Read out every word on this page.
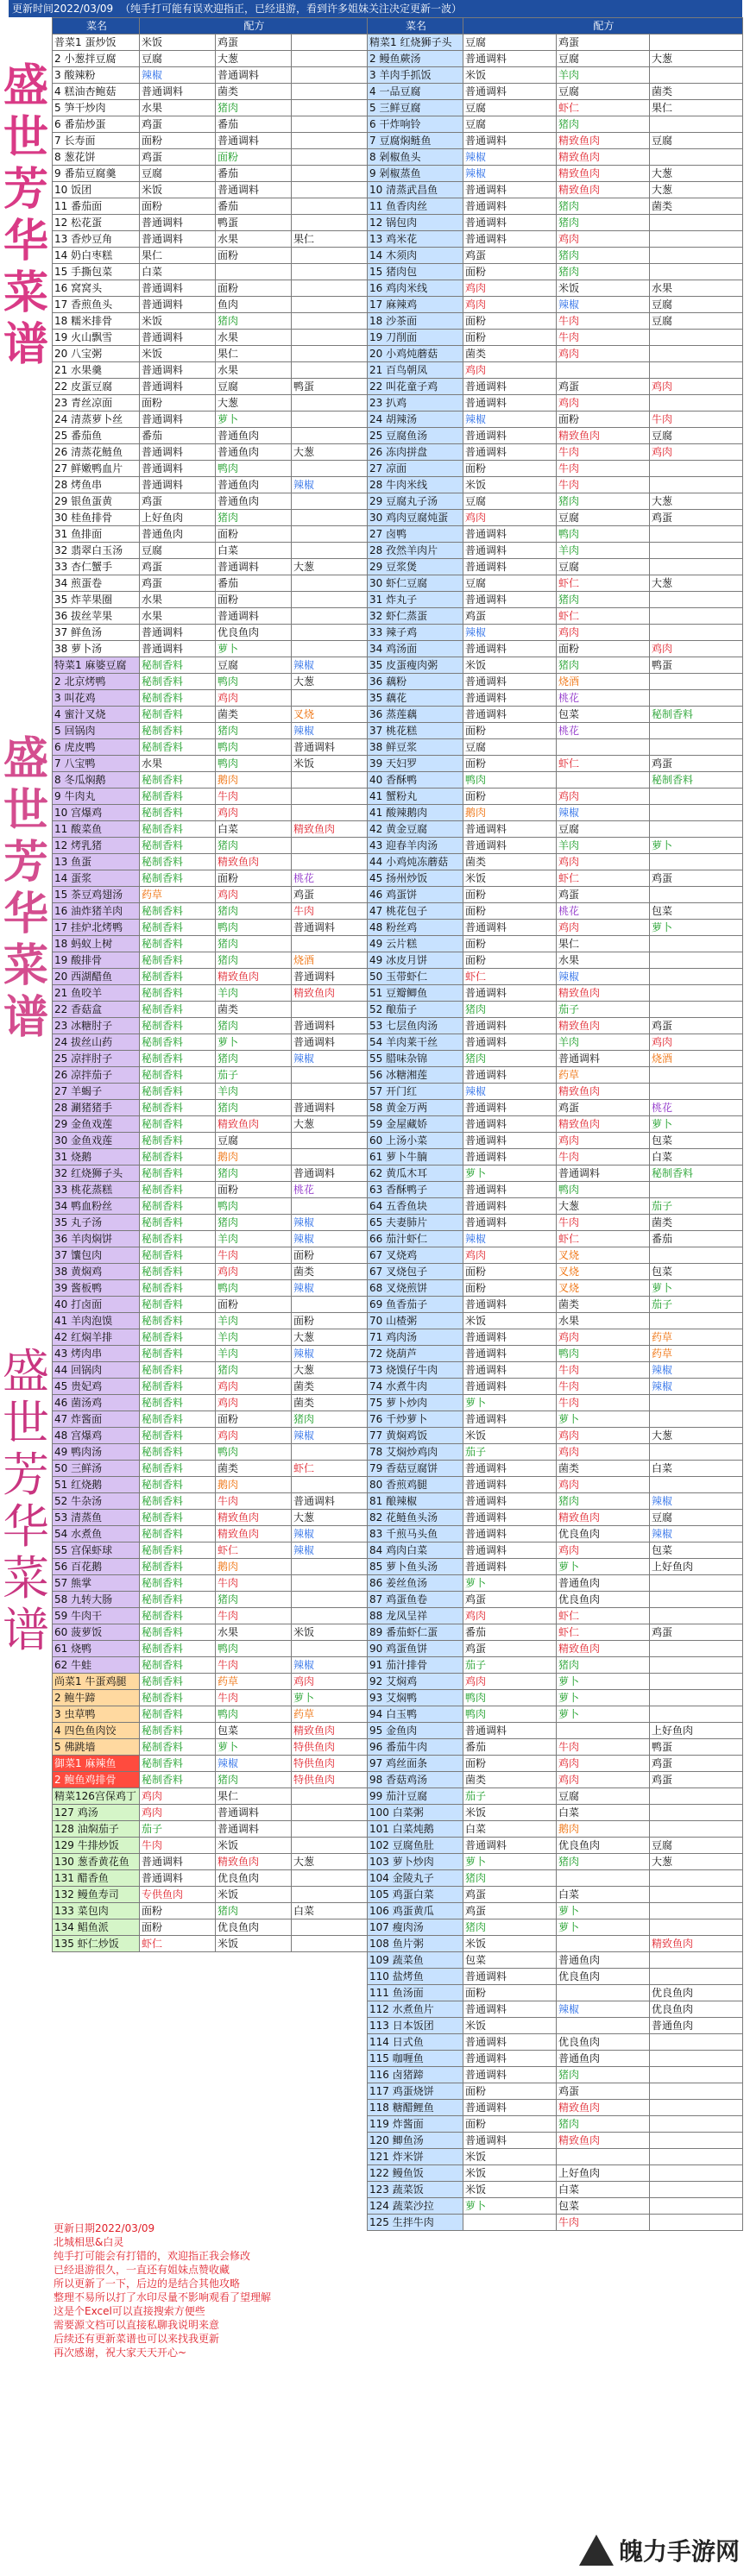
更新时间2022/03/09 （纯手打可能有误欢迎指正，已经退游，看到许多姐妹关注决定更新一波）
盛世芳华菜谱
盛世芳华菜谱
盛世芳华菜谱
菜名	配方		
普菜1 蛋炒饭	米饭	鸡蛋	
2 小葱拌豆腐	豆腐	大葱	
3 酸辣粉	辣椒	普通调料	
4 糕油杏鲍菇	普通调料	菌类	
5 笋干炒肉	水果	猪肉	
6 番茄炒蛋	鸡蛋	番茄	
7 长寿面	面粉	普通调料	
8 葱花饼	鸡蛋	面粉	
9 番茄豆腐羹	豆腐	番茄	
10 饭团	米饭	普通调料	
11 番茄面	面粉	番茄	
12 松花蛋	普通调料	鸭蛋	
13 香炒豆角	普通调料	水果	果仁
14 奶白枣糕	果仁	面粉	
15 手撕包菜	白菜		
16 窝窝头	普通调料	面粉	
17 香煎鱼头	普通调料	鱼肉	
18 糯米排骨	米饭	猪肉	
19 火山飘雪	普通调料	水果	
20 八宝粥	米饭	果仁	
21 水果羹	普通调料	水果	
22 皮蛋豆腐	普通调料	豆腐	鸭蛋
23 青丝凉面	面粉	大葱	
24 清蒸萝卜丝	普通调料	萝卜	
25 番茄鱼	番茄	普通鱼肉	
26 清蒸花鲢鱼	普通调料	普通鱼肉	大葱
27 鲜嫩鸭血片	普通调料	鸭肉	
28 烤鱼串	普通调料	普通鱼肉	辣椒
29 银鱼蛋黄	鸡蛋	普通鱼肉	
30 桂鱼排骨	上好鱼肉	猪肉	
31 鱼排面	普通鱼肉	面粉	
32 翡翠白玉汤	豆腐	白菜	
33 杏仁蟹手	鸡蛋	普通调料	大葱
34 煎蛋卷	鸡蛋	番茄	
35 炸苹果圈	水果	面粉	
36 拔丝苹果	水果	普通调料	
37 鲜鱼汤	普通调料	优良鱼肉	
38 萝卜汤	普通调料	萝卜	
特菜1 麻婆豆腐	秘制香料	豆腐	辣椒
2 北京烤鸭	秘制香料	鸭肉	大葱
3 叫花鸡	秘制香料	鸡肉	
4 蜜汁叉烧	秘制香料	菌类	叉烧
5 回锅肉	秘制香料	猪肉	辣椒
6 虎皮鸭	秘制香料	鸭肉	普通调料
7 八宝鸭	水果	鸭肉	米饭
8 冬瓜焖鹅	秘制香料	鹅肉	
9 牛肉丸	秘制香料	牛肉	
10 宫爆鸡	秘制香料	鸡肉	
11 酸菜鱼	秘制香料	白菜	精致鱼肉
12 烤乳猪	秘制香料	猪肉	
13 鱼蛋	秘制香料	精致鱼肉	
14 蛋浆	秘制香料	面粉	桃花
15 茶豆鸡翅汤	药草	鸡肉	鸡蛋
16 油炸猪羊肉	秘制香料	猪肉	牛肉
17 挂炉北烤鸭	秘制香料	鸭肉	普通调料
18 蚂蚁上树	秘制香料	猪肉	
19 酸排骨	秘制香料	猪肉	烧酒
20 西湖醋鱼	秘制香料	精致鱼肉	普通调料
21 鱼咬羊	秘制香料	羊肉	精致鱼肉
22 香菇盒	秘制香料	菌类	
23 冰糖肘子	秘制香料	猪肉	普通调料
24 拔丝山药	秘制香料	萝卜	普通调料
25 凉拌肘子	秘制香料	猪肉	辣椒
26 凉拌茄子	秘制香料	茄子	
27 羊蝎子	秘制香料	羊肉	
28 涮猪猪手	秘制香料	猪肉	普通调料
29 金鱼戏莲	秘制香料	精致鱼肉	大葱
30 金鱼戏莲	秘制香料	豆腐	
31 烧鹅	秘制香料	鹅肉	
32 红烧狮子头	秘制香料	猪肉	普通调料
33 桃花蒸糕	秘制香料	面粉	桃花
34 鸭血粉丝	秘制香料	鸭肉	
35 丸子汤	秘制香料	猪肉	辣椒
36 羊肉焖饼	秘制香料	羊肉	辣椒
37 馕包肉	秘制香料	牛肉	面粉
38 黄焖鸡	秘制香料	鸡肉	菌类
39 酱板鸭	秘制香料	鸭肉	辣椒
40 打卤面	秘制香料	面粉	
41 羊肉泡馍	秘制香料	羊肉	面粉
42 红焖羊排	秘制香料	羊肉	大葱
43 烤肉串	秘制香料	羊肉	辣椒
44 回锅肉	秘制香料	猪肉	大葱
45 贵妃鸡	秘制香料	鸡肉	菌类
46 菌汤鸡	秘制香料	鸡肉	菌类
47 炸酱面	秘制香料	面粉	猪肉
48 宫爆鸡	秘制香料	鸡肉	辣椒
49 鸭肉汤	秘制香料	鸭肉	
50 三鲜汤	秘制香料	菌类	虾仁
51 红烧鹅	秘制香料	鹅肉	
52 牛杂汤	秘制香料	牛肉	普通调料
53 清蒸鱼	秘制香料	精致鱼肉	大葱
54 水煮鱼	秘制香料	精致鱼肉	辣椒
55 宫保虾球	秘制香料	虾仁	辣椒
56 百花鹅	秘制香料	鹅肉	
57 熊掌	秘制香料	牛肉	
58 九转大肠	秘制香料	猪肉	
59 牛肉干	秘制香料	牛肉	
60 菠萝饭	秘制香料	水果	米饭
61 烧鸭	秘制香料	鸭肉	
62 牛蛙	秘制香料	牛肉	辣椒
尚菜1 牛蛋鸡腿	秘制香料	药草	鸡肉
2 鲍牛蹄	秘制香料	牛肉	萝卜
3 虫草鸭	秘制香料	鸭肉	药草
4 四色鱼肉饺	秘制香料	包菜	精致鱼肉
5 佛跳墙	秘制香料	萝卜	特供鱼肉
御菜1 麻辣鱼	秘制香料	辣椒	特供鱼肉
2 鲍鱼鸡排骨	秘制香料	猪肉	特供鱼肉
精菜126宫保鸡丁	鸡肉	果仁	
127 鸡汤	鸡肉	普通调料	
128 油焖茄子	茄子	普通调料	
129 牛排炒饭	牛肉	米饭	
130 葱香黄花鱼	普通调料	精致鱼肉	大葱
131 醋香鱼	普通调料	优良鱼肉	
132 鳗鱼寿司	专供鱼肉	米饭	
133 菜包肉	面粉	猪肉	白菜
134 鲳鱼派	面粉	优良鱼肉	
135 虾仁炒饭	虾仁	米饭	
菜名	配方		
精菜1 红烧狮子头	豆腐	鸡蛋	
2 鳗鱼蕨汤	普通调料	豆腐	大葱
3 羊肉手抓饭	米饭	羊肉	
4 一品豆腐	普通调料	豆腐	菌类
5 三鲜豆腐	豆腐	虾仁	果仁
6 干炸响铃	豆腐	猪肉	
7 豆腐焖鲢鱼	普通调料	精致鱼肉	豆腐
8 剁椒鱼头	辣椒	精致鱼肉	
9 剁椒蒸鱼	辣椒	精致鱼肉	大葱
10 清蒸武昌鱼	普通调料	精致鱼肉	大葱
11 鱼香肉丝	普通调料	猪肉	菌类
12 锅包肉	普通调料	猪肉	
13 鸡米花	普通调料	鸡肉	
14 木须肉	鸡蛋	猪肉	
15 猪肉包	面粉	猪肉	
16 鸡肉米线	鸡肉	米饭	水果
17 麻辣鸡	鸡肉	辣椒	豆腐
18 沙茶面	面粉	牛肉	豆腐
19 刀削面	面粉	牛肉	
20 小鸡炖蘑菇	菌类	鸡肉	
21 百鸟朝凤	鸡肉		
22 叫花童子鸡	普通调料	鸡蛋	鸡肉
23 扒鸡	普通调料	鸡肉	
24 胡辣汤	辣椒	面粉	牛肉
25 豆腐鱼汤	普通调料	精致鱼肉	豆腐
26 冻肉拼盘	普通调料	牛肉	鸡肉
27 凉面	面粉	牛肉	
28 牛肉米线	米饭	牛肉	
29 豆腐丸子汤	豆腐	猪肉	大葱
30 鸡肉豆腐炖蛋	鸡肉	豆腐	鸡蛋
27 卤鸭	普通调料	鸭肉	
28 孜然羊肉片	普通调料	羊肉	
29 豆浆煲	普通调料	豆腐	
30 虾仁豆腐	豆腐	虾仁	大葱
31 炸丸子	普通调料	猪肉	
32 虾仁蒸蛋	鸡蛋	虾仁	
33 辣子鸡	辣椒	鸡肉	
34 鸡汤面	普通调料	面粉	鸡肉
35 皮蛋瘦肉粥	米饭	猪肉	鸭蛋
36 藕粉	普通调料	烧酒	
35 藕花	普通调料	桃花	
36 蒸莲藕	普通调料	包菜	秘制香料
37 桃花糕	面粉	桃花	
38 鲜豆浆	豆腐		
39 天妇罗	面粉	虾仁	鸡蛋
40 香酥鸭	鸭肉		秘制香料
41 蟹粉丸	面粉	鸡肉	
41 酸辣鹅肉	鹅肉	辣椒	
42 黄金豆腐	普通调料	豆腐	
43 迎春羊肉汤	普通调料	羊肉	萝卜
44 小鸡炖冻蘑菇	菌类	鸡肉	
45 扬州炒饭	米饭	虾仁	鸡蛋
46 鸡蛋饼	面粉	鸡蛋	
47 桃花包子	面粉	桃花	包菜
48 粉丝鸡	普通调料	鸡肉	萝卜
49 云片糕	面粉	果仁	
49 冰皮月饼	面粉	水果	
50 玉带虾仁	虾仁	辣椒	
51 豆瓣鲫鱼	普通调料	精致鱼肉	
52 酿茄子	猪肉	茄子	
53 七层鱼肉汤	普通调料	精致鱼肉	鸡蛋
54 羊肉莱干丝	普通调料	羊肉	鸡肉
55 腊味杂锦	猪肉	普通调料	烧酒
56 冰糖湘莲	普通调料	药草	
57 开门红	辣椒	精致鱼肉	
58 黄金万两	普通调料	鸡蛋	桃花
59 金屋藏娇	普通调料	精致鱼肉	萝卜
60 上汤小菜	普通调料	鸡肉	包菜
61 萝卜牛腩	普通调料	牛肉	白菜
62 黄瓜木耳	萝卜	普通调料	秘制香料
63 香酥鸭子	普通调料	鸭肉	
64 五香鱼块	普通调料	大葱	茄子
65 夫妻肺片	普通调料	牛肉	菌类
66 茄汁虾仁	辣椒	虾仁	番茄
67 叉烧鸡	鸡肉	叉烧	
67 叉烧包子	面粉	叉烧	包菜
68 叉烧煎饼	面粉	叉烧	萝卜
69 鱼香茄子	普通调料	菌类	茄子
70 山楂粥	米饭	水果	
71 鸡肉汤	普通调料	鸡肉	药草
72 烧葫芦	普通调料	鸭肉	药草
73 烧馍仔牛肉	普通调料	牛肉	辣椒
74 水煮牛肉	普通调料	牛肉	辣椒
75 萝卜炒肉	萝卜	牛肉	
76 千炒萝卜	普通调料	萝卜	
77 黄焖鸡饭	米饭	鸡肉	大葱
78 艾焖炒鸡肉	茄子	鸡肉	
79 香菇豆腐饼	普通调料	菌类	白菜
80 香煎鸡腿	普通调料	鸡肉	
81 酿辣椒	普通调料	猪肉	辣椒
82 花鲢鱼头汤	普通调料	精致鱼肉	豆腐
83 千煎马头鱼	普通调料	优良鱼肉	辣椒
84 鸡肉白菜	普通调料	鸡肉	包菜
85 萝卜鱼头汤	普通调料	萝卜	上好鱼肉
86 姜丝鱼汤	萝卜	普通鱼肉	
87 鸡蛋鱼卷	鸡蛋	优良鱼肉	
88 龙凤呈祥	鸡肉	虾仁	
89 番茄虾仁蛋	番茄	虾仁	鸡蛋
90 鸡蛋鱼饼	鸡蛋	精致鱼肉	
91 茄汁排骨	茄子	猪肉	
92 艾焖鸡	鸡肉	萝卜	
93 艾焖鸭	鸭肉	萝卜	
94 白玉鸭	鸭肉	萝卜	
95 金鱼肉	普通调料		上好鱼肉
96 番茄牛肉	番茄	牛肉	鸭蛋
97 鸡丝面条	面粉	鸡肉	鸡蛋
98 香菇鸡汤	菌类	鸡肉	鸡蛋
99 茄汁豆腐	茄子	豆腐	
100 白菜粥	米饭	白菜	
101 白菜炖鹅	白菜	鹅肉	
102 豆腐鱼肚	普通调料	优良鱼肉	豆腐
103 萝卜炒肉	萝卜	猪肉	大葱
104 金陵丸子	猪肉		
105 鸡蛋白菜	鸡蛋	白菜	
106 鸡蛋黄瓜	鸡蛋	萝卜	
107 瘦肉汤	猪肉	萝卜	
108 鱼片粥	米饭		精致鱼肉
109 蔬菜鱼	包菜	普通鱼肉	
110 盐烤鱼	普通调料	优良鱼肉	
111 鱼汤面	面粉		优良鱼肉
112 水煮鱼片	普通调料	辣椒	优良鱼肉
113 日本饭团	米饭		普通鱼肉
114 日式鱼	普通调料	优良鱼肉	
115 咖喱鱼	普通调料	普通鱼肉	
116 卤猪蹄	普通调料	猪肉	
117 鸡蛋烧饼	面粉	鸡蛋	
118 糖醋鲤鱼	普通调料	精致鱼肉	
119 炸酱面	面粉	猪肉	
120 鲫鱼汤	普通调料	精致鱼肉	
121 炸米饼	米饭		
122 鳗鱼饭	米饭	上好鱼肉	
123 蔬菜饭	米饭	白菜	
124 蔬菜沙拉	萝卜	包菜	
125 生拌牛肉		牛肉	
更新日期2022/03/09
北城相思&白灵
纯手打可能会有打错的，欢迎指正我会修改
已经退游很久，一直还有姐妹点赞收藏
所以更新了一下，后边的是结合其他攻略
整理不易所以打了水印尽量不影响观看了望理解
这是个Excel可以直接搜索方便些
需要源文档可以直接私聊我说明来意
后续还有更新菜谱也可以来找我更新
再次感谢，祝大家天天开心~
魄力手游网
